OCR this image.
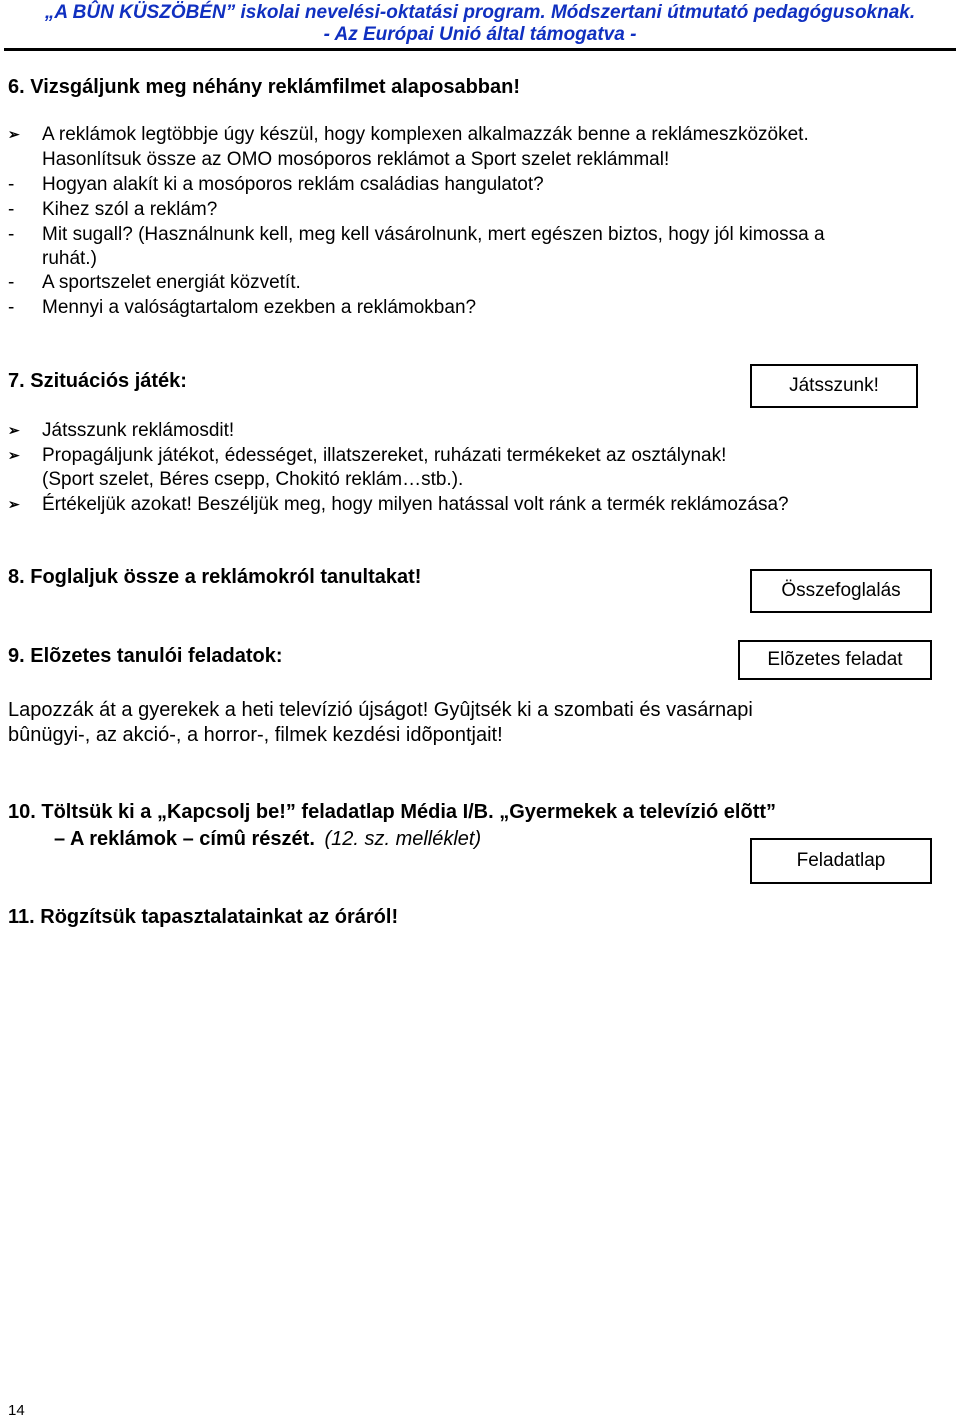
„A BÛN KÜSZÖBÉN” iskolai nevelési-oktatási program. Módszertani útmutató pedagógusoknak.
- Az Európai Unió által támogatva -
6. Vizsgáljunk meg néhány reklámfilmet alaposabban!
➢ A reklámok legtöbbje úgy készül, hogy komplexen alkalmazzák benne a reklámeszközöket.
Hasonlítsuk össze az OMO mosóporos reklámot a Sport szelet reklámmal!
- Hogyan alakít ki a mosóporos reklám családias hangulatot?
- Kihez szól a reklám?
- Mit sugall? (Használnunk kell, meg kell vásárolnunk, mert egészen biztos, hogy jól kimossa a
ruhát.)
- A sportszelet energiát közvetít.
- Mennyi a valóságtartalom ezekben a reklámokban?
7. Szituációs játék:	Játsszunk!
➢ Játsszunk reklámosdit!
➢ Propagáljunk játékot, édességet, illatszereket, ruházati termékeket az osztálynak!
(Sport szelet, Béres csepp, Chokitó reklám…stb.).
➢ Értékeljük azokat! Beszéljük meg, hogy milyen hatással volt ránk a termék reklámozása?
8. Foglaljuk össze a reklámokról tanultakat!
Összefoglalás
9. Elõzetes tanulói feladatok:	Elõzetes feladat
Lapozzák át a gyerekek a heti televízió újságot! Gyûjtsék ki a szombati és vasárnapi
bûnügyi-, az akció-, a horror-, filmek kezdési idõpontjait!
10. Töltsük ki a „Kapcsolj be!” feladatlap Média I/B. „Gyermekek a televízió elõtt”
– A reklámok – címû részét. (12. sz. melléklet)
Feladatlap
11. Rögzítsük tapasztalatainkat az óráról!
14
